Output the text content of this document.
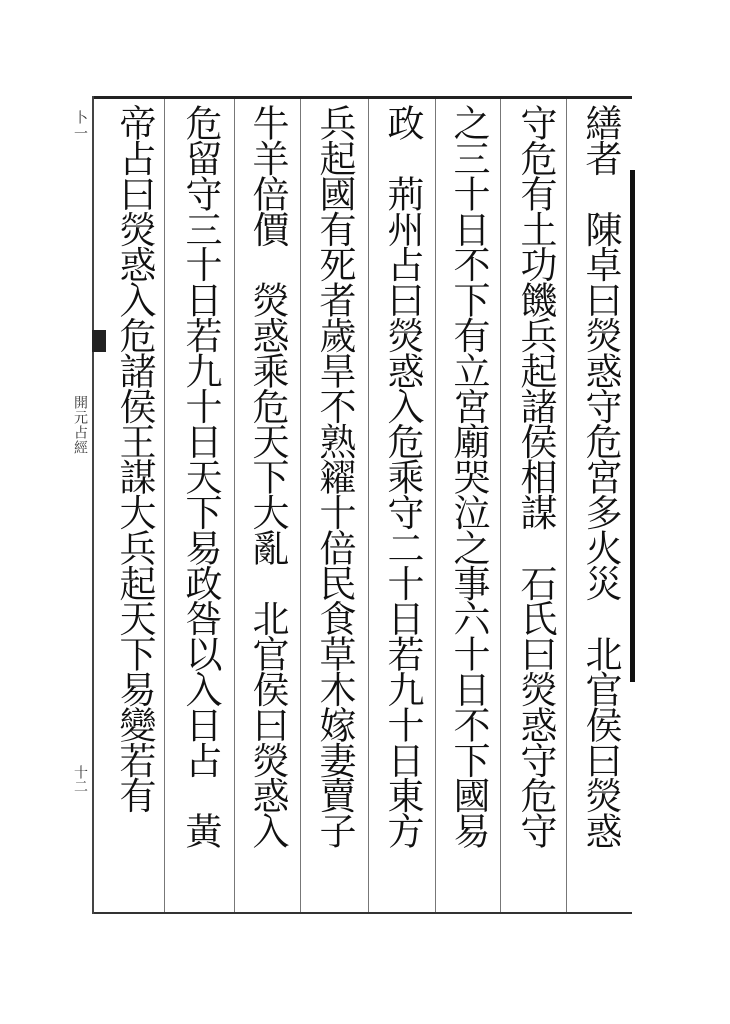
繕者　陳卓曰熒惑守危宮多火災　北官侯曰熒惑
守危有土功饑兵起諸侯相謀　石氏曰熒惑守危守
之三十日不下有立宮廟哭泣之事六十日不下國易
政　荊州占曰熒惑入危乘守二十日若九十日東方
兵起國有死者歲旱不熟糴十倍民食草木嫁妻賣子
牛羊倍價　熒惑乘危天下大亂　北官侯曰熒惑入
危留守三十日若九十日天下易政咎以入日占　黃
帝占曰熒惑入危諸侯王謀大兵起天下易變若有
卜一
開元占經
十二
